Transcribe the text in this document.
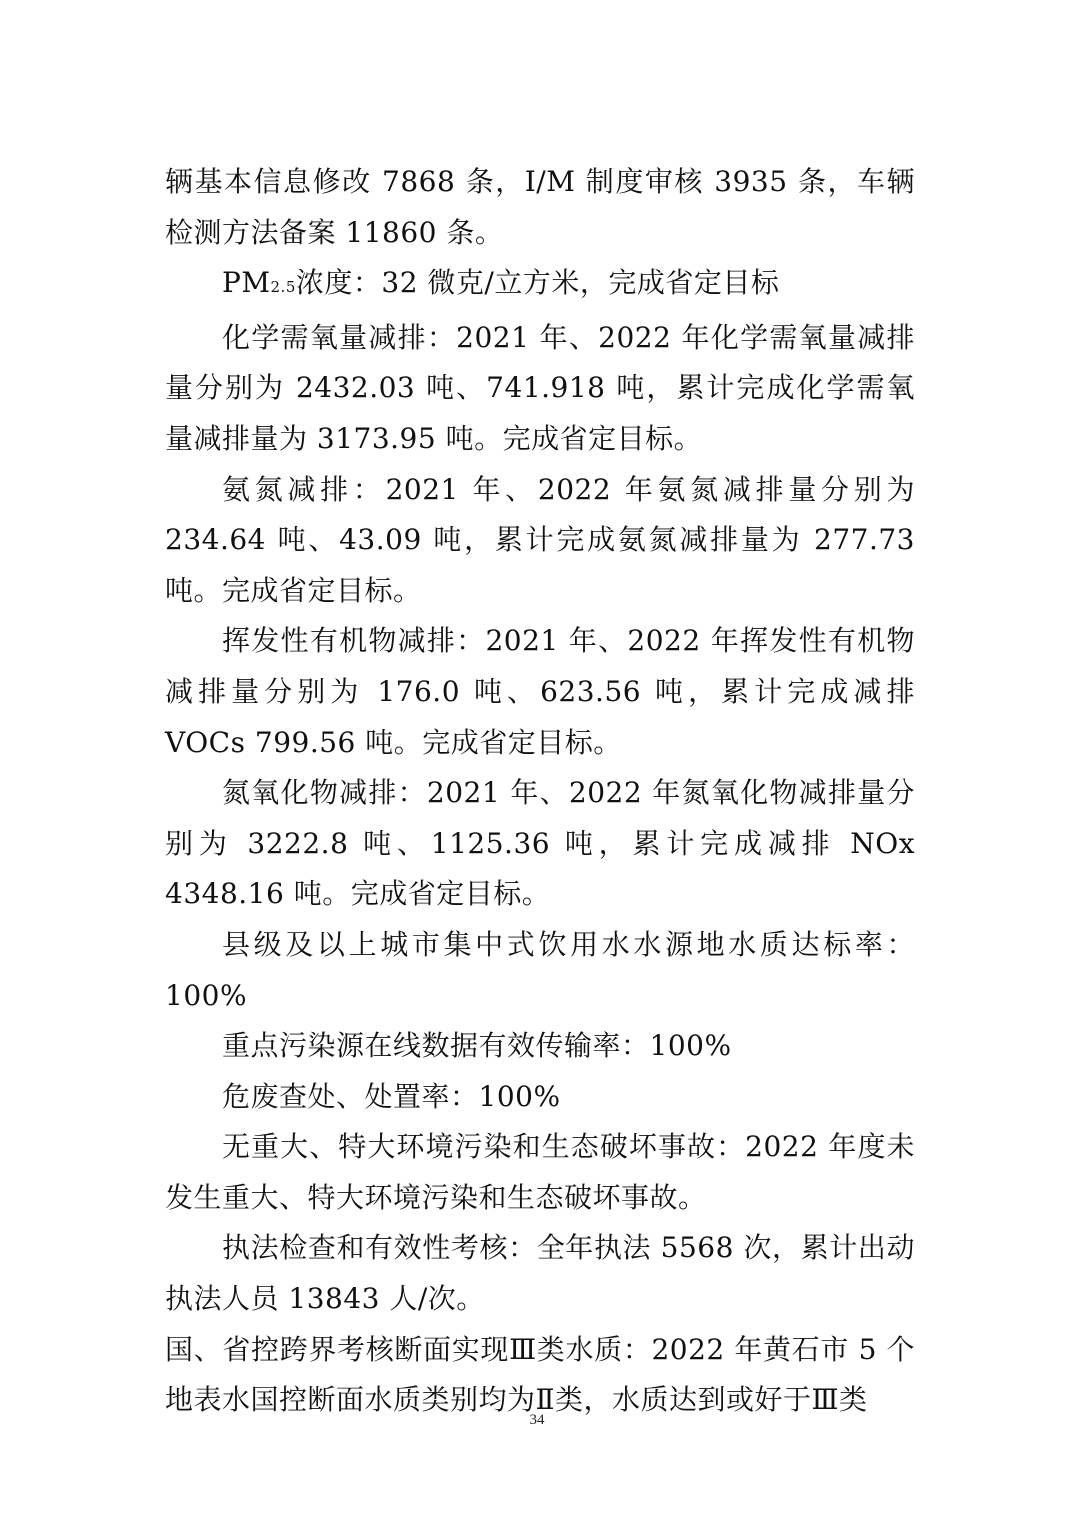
辆基本信息修改 7868 条，I/M 制度审核 3935 条，车辆检测方法备案 11860 条。

PM2.5浓度：32 微克/立方米，完成省定目标

化学需氧量减排：2021 年、2022 年化学需氧量减排量分别为 2432.03 吨、741.918 吨，累计完成化学需氧量减排量为 3173.95 吨。完成省定目标。

氨氮减排：2021 年、2022 年氨氮减排量分别为 234.64 吨、43.09 吨，累计完成氨氮减排量为 277.73 吨。完成省定目标。

挥发性有机物减排：2021 年、2022 年挥发性有机物减排量分别为 176.0 吨、623.56 吨，累计完成减排 VOCs 799.56 吨。完成省定目标。

氮氧化物减排：2021 年、2022 年氮氧化物减排量分别为 3222.8 吨、1125.36 吨，累计完成减排 NOx 4348.16 吨。完成省定目标。

县级及以上城市集中式饮用水水源地水质达标率：100%

重点污染源在线数据有效传输率：100%

危废查处、处置率：100%

无重大、特大环境污染和生态破坏事故：2022 年度未发生重大、特大环境污染和生态破坏事故。

执法检查和有效性考核：全年执法 5568 次，累计出动执法人员 13843 人/次。

国、省控跨界考核断面实现Ⅲ类水质：2022 年黄石市 5 个地表水国控断面水质类别均为Ⅱ类，水质达到或好于Ⅲ类

34
